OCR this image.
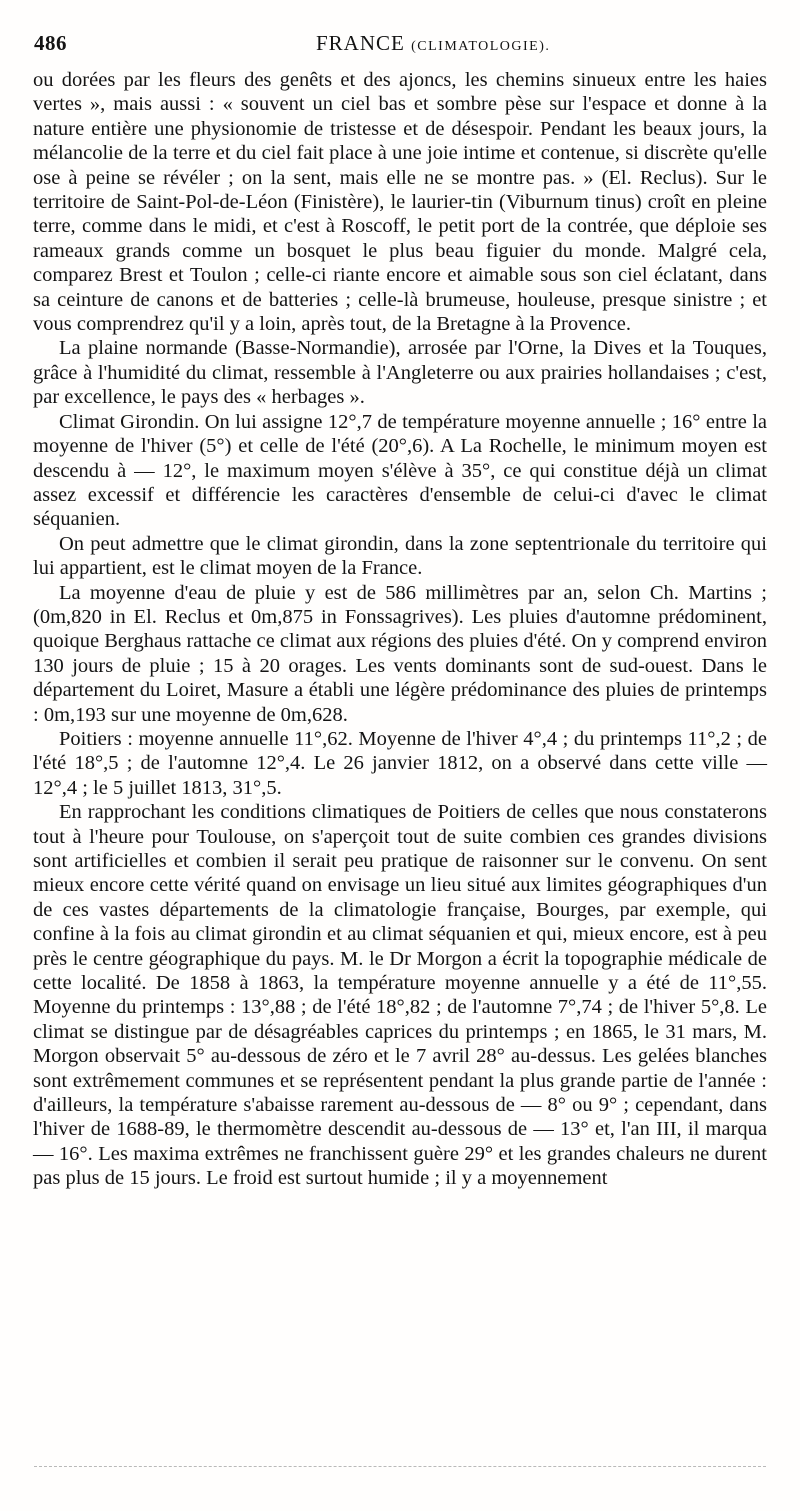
486	FRANCE (CLIMATOLOGIE).

ou dorées par les fleurs des genêts et des ajoncs, les chemins sinueux entre les haies vertes », mais aussi : « souvent un ciel bas et sombre pèse sur l'espace et donne à la nature entière une physionomie de tristesse et de désespoir. Pendant les beaux jours, la mélancolie de la terre et du ciel fait place à une joie intime et contenue, si discrète qu'elle ose à peine se révéler ; on la sent, mais elle ne se montre pas. » (El. Reclus). Sur le territoire de Saint-Pol-de-Léon (Finistère), le laurier-tin (Viburnum tinus) croît en pleine terre, comme dans le midi, et c'est à Roscoff, le petit port de la contrée, que déploie ses rameaux grands comme un bosquet le plus beau figuier du monde. Malgré cela, comparez Brest et Toulon ; celle-ci riante encore et aimable sous son ciel éclatant, dans sa ceinture de canons et de batteries ; celle-là brumeuse, houleuse, presque sinistre ; et vous comprendrez qu'il y a loin, après tout, de la Bretagne à la Provence.

La plaine normande (Basse-Normandie), arrosée par l'Orne, la Dives et la Touques, grâce à l'humidité du climat, ressemble à l'Angleterre ou aux prairies hollandaises ; c'est, par excellence, le pays des « herbages ».

Climat Girondin. On lui assigne 12°,7 de température moyenne annuelle ; 16° entre la moyenne de l'hiver (5°) et celle de l'été (20°,6). A La Rochelle, le minimum moyen est descendu à — 12°, le maximum moyen s'élève à 35°, ce qui constitue déjà un climat assez excessif et différencie les caractères d'ensemble de celui-ci d'avec le climat séquanien.

On peut admettre que le climat girondin, dans la zone septentrionale du territoire qui lui appartient, est le climat moyen de la France.

La moyenne d'eau de pluie y est de 586 millimètres par an, selon Ch. Martins ; (0m,820 in El. Reclus et 0m,875 in Fonssagrives). Les pluies d'automne prédominent, quoique Berghaus rattache ce climat aux régions des pluies d'été. On y comprend environ 130 jours de pluie ; 15 à 20 orages. Les vents dominants sont de sud-ouest. Dans le département du Loiret, Masure a établi une légère prédominance des pluies de printemps : 0m,193 sur une moyenne de 0m,628.

Poitiers : moyenne annuelle 11°,62. Moyenne de l'hiver 4°,4 ; du printemps 11°,2 ; de l'été 18°,5 ; de l'automne 12°,4. Le 26 janvier 1812, on a observé dans cette ville — 12°,4 ; le 5 juillet 1813, 31°,5.

En rapprochant les conditions climatiques de Poitiers de celles que nous constaterons tout à l'heure pour Toulouse, on s'aperçoit tout de suite combien ces grandes divisions sont artificielles et combien il serait peu pratique de raisonner sur le convenu. On sent mieux encore cette vérité quand on envisage un lieu situé aux limites géographiques d'un de ces vastes départements de la climatologie française, Bourges, par exemple, qui confine à la fois au climat girondin et au climat séquanien et qui, mieux encore, est à peu près le centre géographique du pays. M. le Dr Morgon a écrit la topographie médicale de cette localité. De 1858 à 1863, la température moyenne annuelle y a été de 11°,55. Moyenne du printemps : 13°,88 ; de l'été 18°,82 ; de l'automne 7°,74 ; de l'hiver 5°,8. Le climat se distingue par de désagréables caprices du printemps ; en 1865, le 31 mars, M. Morgon observait 5° au-dessous de zéro et le 7 avril 28° au-dessus. Les gelées blanches sont extrêmement communes et se représentent pendant la plus grande partie de l'année : d'ailleurs, la température s'abaisse rarement au-dessous de — 8° ou 9° ; cependant, dans l'hiver de 1688-89, le thermomètre descendit au-dessous de — 13° et, l'an III, il marqua — 16°. Les maxima extrêmes ne franchissent guère 29° et les grandes chaleurs ne durent pas plus de 15 jours. Le froid est surtout humide ; il y a moyennement
